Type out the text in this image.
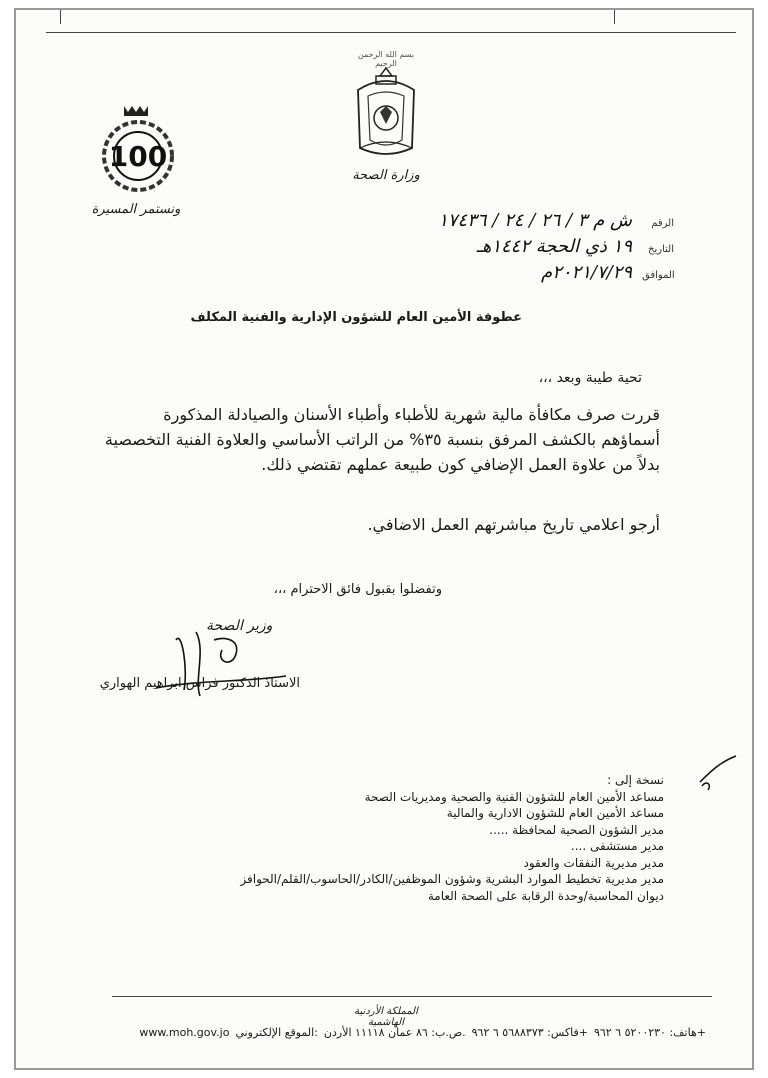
بسم الله الرحمن الرحيم
وزارة الصحة
100
ونستمر المسيرة
الرقم
ش م ٣ / ٢٦ / ٢٤ / ١٧٤٣٦
التاريخ
١٩ ذي الحجة ١٤٤٢هـ
الموافق
٢٠٢١/٧/٢٩م
عطوفة الأمين العام للشؤون الإدارية والفنية المكلف
تحية طيبة وبعد ،،،
قررت صرف مكافأة مالية شهرية للأطباء وأطباء الأسنان والصيادلة المذكورة أسماؤهم بالكشف المرفق بنسبة ٣٥% من الراتب الأساسي والعلاوة الفنية التخصصية بدلاً من علاوة العمل الإضافي كون طبيعة عملهم تقتضي ذلك.
أرجو اعلامي تاريخ مباشرتهم العمل الاضافي.
وتفضلوا بقبول فائق الاحترام ،،،
وزير الصحة
الاستاذ الدكتور فراس ابراهيم الهواري
نسخة إلى :
مساعد الأمين العام للشؤون الفنية والصحية ومديريات الصحة
مساعد الأمين العام للشؤون الادارية والمالية
مدير الشؤون الصحية لمحافظة .....
مدير مستشفى ....
مدير مديرية النفقات والعقود
مدير مديرية تخطيط الموارد البشرية وشؤون الموظفين/الكادر/الحاسوب/القلم/الحوافز
ديوان المحاسبة/وحدة الرقابة على الصحة العامة
المملكة الأردنية الهاشمية
هاتف: ٥٢٠٠٢٣٠ ٦ ٩٦٢+
فاكس: ٥٦٨٨٣٧٣ ٦ ٩٦٢+
ص.ب: ٨٦ عمان ١١١١٨ الأردن.
الموقع الإلكتروني:
www.moh.gov.jo
